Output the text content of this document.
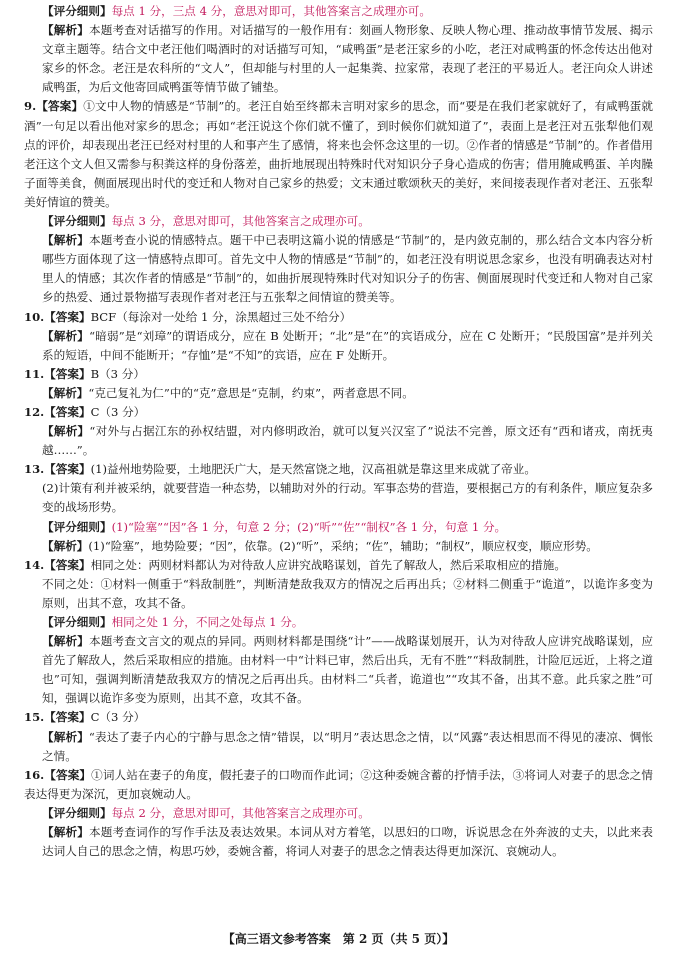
【评分细则】每点 1 分，三点 4 分，意思对即可，其他答案言之成理亦可。

【解析】本题考查对话描写的作用。对话描写的一般作用有：刻画人物形象、反映人物心理、推动故事情节发展、揭示文章主题等。结合文中老汪他们喝酒时的对话描写可知，“咸鸭蛋”是老汪家乡的小吃，老汪对咸鸭蛋的怀念传达出他对家乡的怀念。老汪是农科所的“文人”，但却能与村里的人一起集粪、拉家常，表现了老汪的平易近人。老汪向众人讲述咸鸭蛋，为后文他寄回咸鸭蛋等情节做了铺垫。

9.【答案】①文中人物的情感是“节制”的。老汪自始至终都未言明对家乡的思念，而“要是在我们老家就好了，有咸鸭蛋就酒”一句足以看出他对家乡的思念；再如“老汪说这个你们就不懂了，到时候你们就知道了”，表面上是老汪对五张犁他们观点的评价，却表现出老汪已经对村里的人和事产生了感情，将来也会怀念这里的一切。②作者的情感是“节制”的。作者借用老汪这个文人但又需参与积粪这样的身份落差，曲折地展现出特殊时代对知识分子身心造成的伤害；借用腌咸鸭蛋、羊肉臊子面等美食，侧面展现出时代的变迁和人物对自己家乡的热爱；文末通过歌颂秋天的美好，来间接表现作者对老汪、五张犁美好情谊的赞美。

【评分细则】每点 3 分，意思对即可，其他答案言之成理亦可。

【解析】本题考查小说的情感特点。题干中已表明这篇小说的情感是“节制”的，是内敛克制的，那么结合文本内容分析哪些方面体现了这一情感特点即可。首先文中人物的情感是“节制”的，如老汪没有明说思念家乡，也没有明确表达对村里人的情感；其次作者的情感是“节制”的，如曲折展现特殊时代对知识分子的伤害、侧面展现时代变迁和人物对自己家乡的热爱、通过景物描写表现作者对老汪与五张犁之间情谊的赞美等。

10.【答案】BCF（每涂对一处给 1 分，涂黑超过三处不给分）

【解析】“暗弱”是“刘璋”的谓语成分，应在 B 处断开；“北”是“在”的宾语成分，应在 C 处断开；“民殷国富”是并列关系的短语，中间不能断开；“存恤”是“不知”的宾语，应在 F 处断开。

11.【答案】B（3 分）

【解析】“克己复礼为仁”中的“克”意思是“克制，约束”，两者意思不同。

12.【答案】C（3 分）

【解析】“对外与占据江东的孙权结盟，对内修明政治，就可以复兴汉室了”说法不完善，原文还有“西和诸戎，南抚夷越……”。

13.【答案】(1)益州地势险要，土地肥沃广大，是天然富饶之地，汉高祖就是靠这里来成就了帝业。

(2)计策有利并被采纳，就要营造一种态势，以辅助对外的行动。军事态势的营造，要根据己方的有利条件，顺应复杂多变的战场形势。

【评分细则】(1)“险塞”“因”各 1 分，句意 2 分；(2)“听”“佐”“制权”各 1 分，句意 1 分。

【解析】(1)“险塞”，地势险要；“因”，依靠。(2)“听”，采纳；“佐”，辅助；“制权”，顺应权变，顺应形势。

14.【答案】相同之处：两则材料都认为对待敌人应讲究战略谋划，首先了解敌人，然后采取相应的措施。

不同之处：①材料一侧重于“料敌制胜”，判断清楚敌我双方的情况之后再出兵；②材料二侧重于“诡道”，以诡诈多变为原则，出其不意，攻其不备。

【评分细则】相同之处 1 分，不同之处每点 1 分。

【解析】本题考查文言文的观点的异同。两则材料都是围绕“计”——战略谋划展开，认为对待敌人应讲究战略谋划，应首先了解敌人，然后采取相应的措施。由材料一中“计料已审，然后出兵，无有不胜”“料敌制胜，计险厄远近，上将之道也”可知，强调判断清楚敌我双方的情况之后再出兵。由材料二“兵者，诡道也”“攻其不备，出其不意。此兵家之胜”可知，强调以诡诈多变为原则，出其不意，攻其不备。

15.【答案】C（3 分）

【解析】“表达了妻子内心的宁静与思念之情”错误，以“明月”表达思念之情，以“风露”表达相思而不得见的凄凉、惆怅之情。

16.【答案】①词人站在妻子的角度，假托妻子的口吻而作此词；②这种委婉含蓄的抒情手法，③将词人对妻子的思念之情表达得更为深沉，更加哀婉动人。

【评分细则】每点 2 分，意思对即可，其他答案言之成理亦可。

【解析】本题考查词作的写作手法及表达效果。本词从对方着笔，以思妇的口吻，诉说思念在外奔波的丈夫，以此来表达词人自己的思念之情，构思巧妙，委婉含蓄，将词人对妻子的思念之情表达得更加深沉、哀婉动人。

【高三语文参考答案　第 2 页（共 5 页）】
